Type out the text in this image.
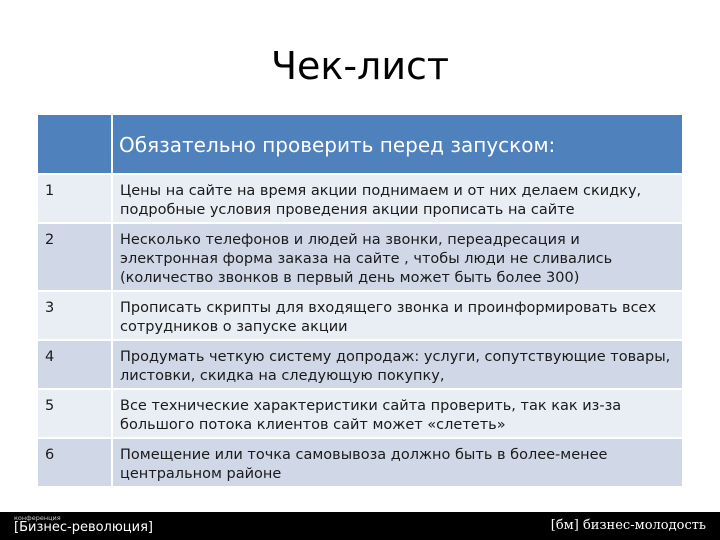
Чек-лист
	Обязательно проверить перед запуском:
1	Цены на сайте на время акции поднимаем и от них делаем скидку, подробные условия проведения акции прописать на сайте
2	Несколько телефонов и людей на звонки, переадресация и электронная форма заказа на сайте , чтобы люди не сливались (количество звонков в первый день может быть более 300)
3	Прописать скрипты для входящего звонка и проинформировать всех сотрудников о запуске акции
4	Продумать четкую систему допродаж: услуги, сопутствующие товары, листовки, скидка на следующую покупку,
5	Все технические характеристики сайта проверить, так как из-за большого потока клиентов сайт может «слететь»
6	Помещение или точка самовывоза должно быть в более-менее центральном районе
конференция
[Бизнес-революция]	[бм] бизнес-молодость
